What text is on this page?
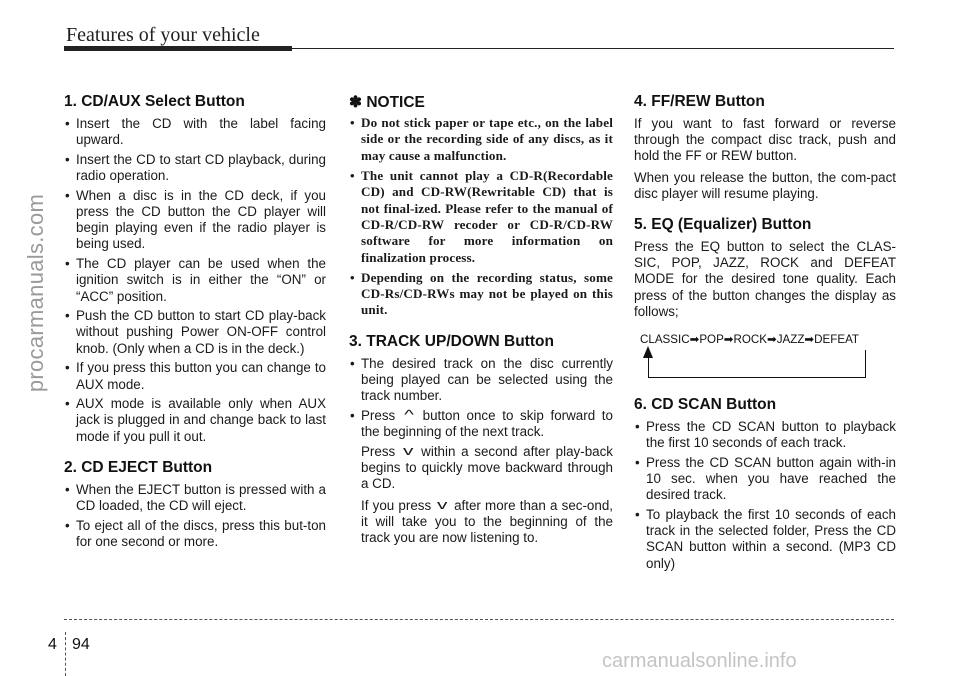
Features of your vehicle
procarmanuals.com
1. CD/AUX Select Button
• Insert the CD with the label facing upward.
• Insert the CD to start CD playback, during radio operation.
• When a disc is in the CD deck, if you press the CD button the CD player will begin playing even if the radio player is being used.
• The CD player can be used when the ignition switch is in either the “ON” or “ACC” position.
• Push the CD button to start CD play-back without pushing Power ON-OFF control knob. (Only when a CD is in the deck.)
• If you press this button you can change to AUX mode.
• AUX mode is available only when AUX jack is plugged in and change back to last mode if you pull it out.
2. CD EJECT Button
• When the EJECT button is pressed with a CD loaded, the CD will eject.
• To eject all of the discs, press this but-ton for one second or more.
✽ NOTICE
• Do not stick paper or tape etc., on the label side or the recording side of any discs, as it may cause a malfunction.
• The unit cannot play a CD-R(Recordable CD) and CD-RW(Rewritable CD) that is not final-ized. Please refer to the manual of CD-R/CD-RW recoder or CD-R/CD-RW software for more information on finalization process.
• Depending on the recording status, some CD-Rs/CD-RWs may not be played on this unit.
3. TRACK UP/DOWN Button
• The desired track on the disc currently being played can be selected using the track number.
• Press ^ button once to skip forward to the beginning of the next track.

Press v within a second after play-back begins to quickly move backward through a CD.

If you press v after more than a sec-ond, it will take you to the beginning of the track you are now listening to.

4. FF/REW Button

If you want to fast forward or reverse through the compact disc track, push and hold the FF or REW button.

When you release the button, the com-pact disc player will resume playing.

5. EQ (Equalizer) Button

Press the EQ button to select the CLAS-SIC, POP, JAZZ, ROCK and DEFEAT MODE for the desired tone quality. Each press of the button changes the display as follows;

CLASSIC➡POP➡ROCK➡JAZZ➡DEFEAT
6. CD SCAN Button
• Press the CD SCAN button to playback the first 10 seconds of each track.
• Press the CD SCAN button again with-in 10 sec. when you have reached the desired track.
• To playback the first 10 seconds of each track in the selected folder, Press the CD SCAN button within a second. (MP3 CD only)
4 94
carmanualsonline.info
